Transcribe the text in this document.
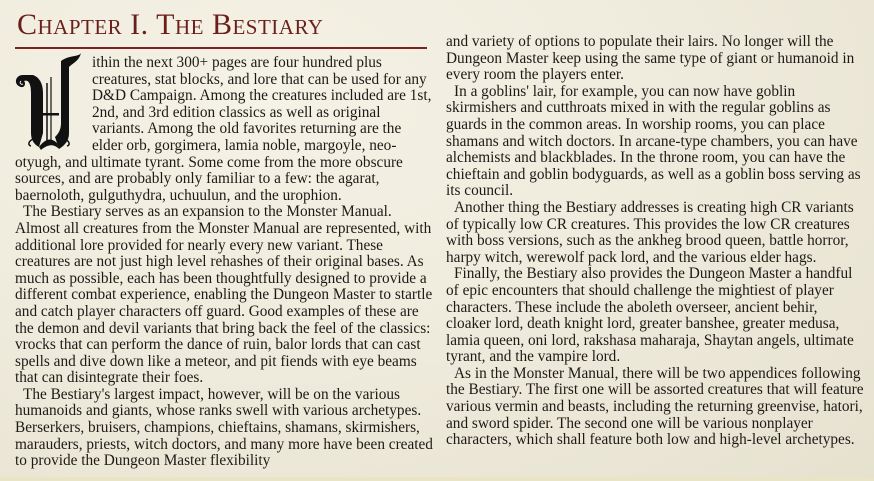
Chapter I. The Bestiary

ithin the next 300+ pages are four hundred plus creatures, stat blocks, and lore that can be used for any D&D Campaign. Among the creatures included are 1st, 2nd, and 3rd edition classics as well as original variants. Among the old favorites returning are the elder orb, gorgimera, lamia noble, margoyle, neo-otyugh, and ultimate tyrant. Some come from the more obscure sources, and are probably only familiar to a few: the agarat, baernoloth, gulguthydra, uchuulun, and the urophion.

The Bestiary serves as an expansion to the Monster Manual. Almost all creatures from the Monster Manual are represented, with additional lore provided for nearly every new variant. These creatures are not just high level rehashes of their original bases. As much as possible, each has been thoughtfully designed to provide a different combat experience, enabling the Dungeon Master to startle and catch player characters off guard. Good examples of these are the demon and devil variants that bring back the feel of the classics: vrocks that can perform the dance of ruin, balor lords that can cast spells and dive down like a meteor, and pit fiends with eye beams that can disintegrate their foes.

The Bestiary's largest impact, however, will be on the various humanoids and giants, whose ranks swell with various archetypes. Berserkers, bruisers, champions, chieftains, shamans, skirmishers, marauders, priests, witch doctors, and many more have been created to provide the Dungeon Master flexibility

and variety of options to populate their lairs. No longer will the Dungeon Master keep using the same type of giant or humanoid in every room the players enter.

In a goblins' lair, for example, you can now have goblin skirmishers and cutthroats mixed in with the regular goblins as guards in the common areas. In worship rooms, you can place shamans and witch doctors. In arcane-type chambers, you can have alchemists and blackblades. In the throne room, you can have the chieftain and goblin bodyguards, as well as a goblin boss serving as its council.

Another thing the Bestiary addresses is creating high CR variants of typically low CR creatures. This provides the low CR creatures with boss versions, such as the ankheg brood queen, battle horror, harpy witch, werewolf pack lord, and the various elder hags.

Finally, the Bestiary also provides the Dungeon Master a handful of epic encounters that should challenge the mightiest of player characters. These include the aboleth overseer, ancient behir, cloaker lord, death knight lord, greater banshee, greater medusa, lamia queen, oni lord, rakshasa maharaja, Shaytan angels, ultimate tyrant, and the vampire lord.

As in the Monster Manual, there will be two appendices following the Bestiary. The first one will be assorted creatures that will feature various vermin and beasts, including the returning greenvise, hatori, and sword spider. The second one will be various nonplayer characters, which shall feature both low and high-level archetypes.
